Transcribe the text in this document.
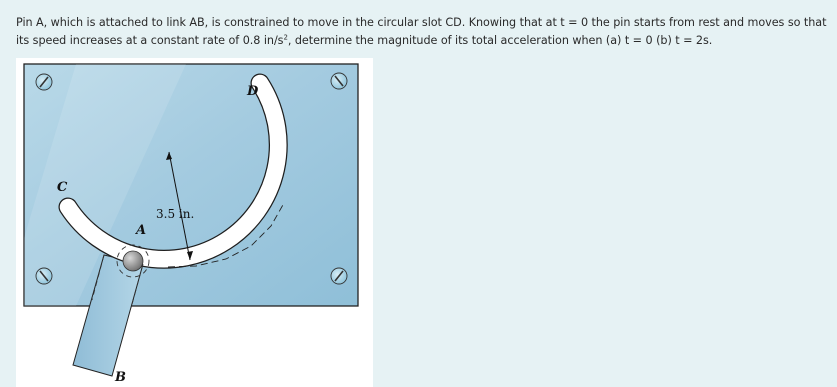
Pin A, which is attached to link AB, is constrained to move in the circular slot CD. Knowing that at t = 0 the pin starts from rest and moves so that its speed increases at a constant rate of 0.8 $in/s^2$, determine the magnitude of its total acceleration when (a) t = 0 (b) t = 2s.
C
D
A
B
3.5 in.
